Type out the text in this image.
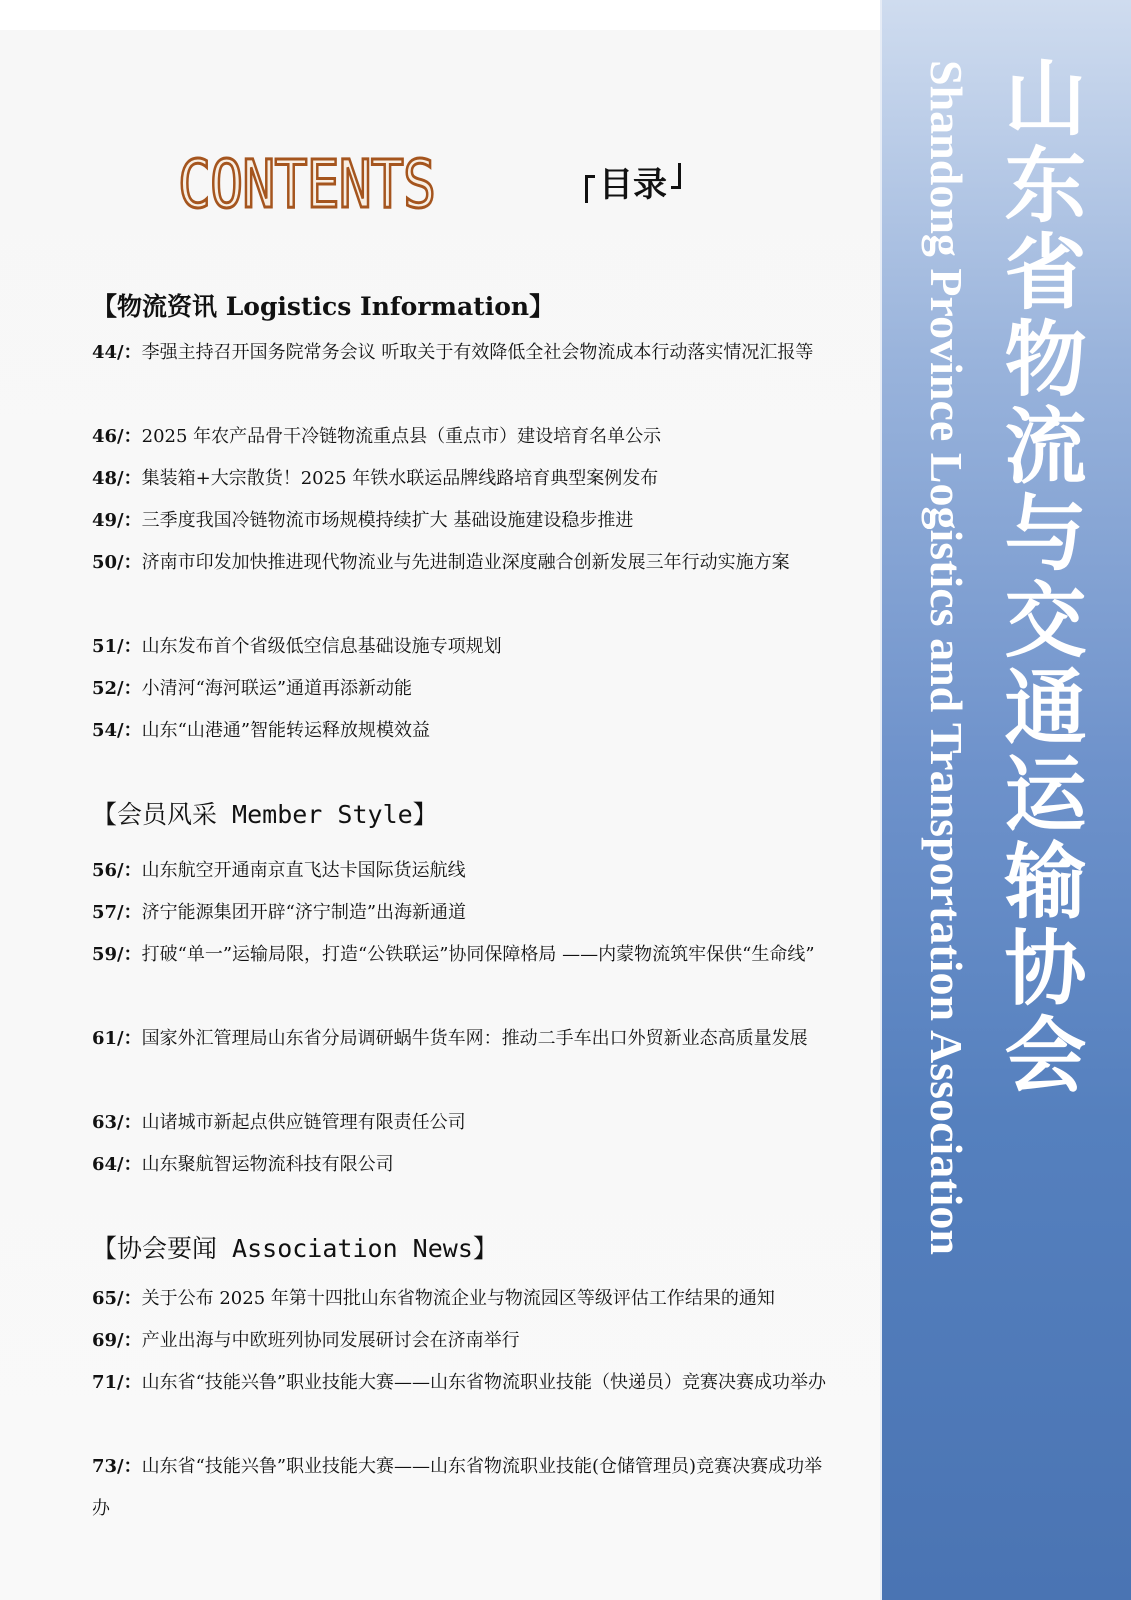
CONTENTS	目录
【物流资讯 Logistics Information】
44/：李强主持召开国务院常务会议 听取关于有效降低全社会物流成本行动落实情况汇报等
46/：2025 年农产品骨干冷链物流重点县（重点市）建设培育名单公示
48/：集装箱+大宗散货！2025 年铁水联运品牌线路培育典型案例发布
49/：三季度我国冷链物流市场规模持续扩大 基础设施建设稳步推进
50/：济南市印发加快推进现代物流业与先进制造业深度融合创新发展三年行动实施方案
51/：山东发布首个省级低空信息基础设施专项规划
52/：小清河“海河联运”通道再添新动能
54/：山东“山港通”智能转运释放规模效益
【会员风采 Member Style】
56/：山东航空开通南京直飞达卡国际货运航线
57/：济宁能源集团开辟“济宁制造”出海新通道
59/：打破“单一”运输局限，打造“公铁联运”协同保障格局 ——内蒙物流筑牢保供“生命线”
61/：国家外汇管理局山东省分局调研蜗牛货车网：推动二手车出口外贸新业态高质量发展
63/：山诸城市新起点供应链管理有限责任公司
64/：山东聚航智运物流科技有限公司
【协会要闻 Association News】
65/：关于公布 2025 年第十四批山东省物流企业与物流园区等级评估工作结果的通知
69/：产业出海与中欧班列协同发展研讨会在济南举行
71/：山东省“技能兴鲁”职业技能大赛——山东省物流职业技能（快递员）竞赛决赛成功举办
73/：山东省“技能兴鲁”职业技能大赛——山东省物流职业技能(仓储管理员)竞赛决赛成功举办
山东省物流与交通运输协会
Shandong Province Logistics and Transportation Association
